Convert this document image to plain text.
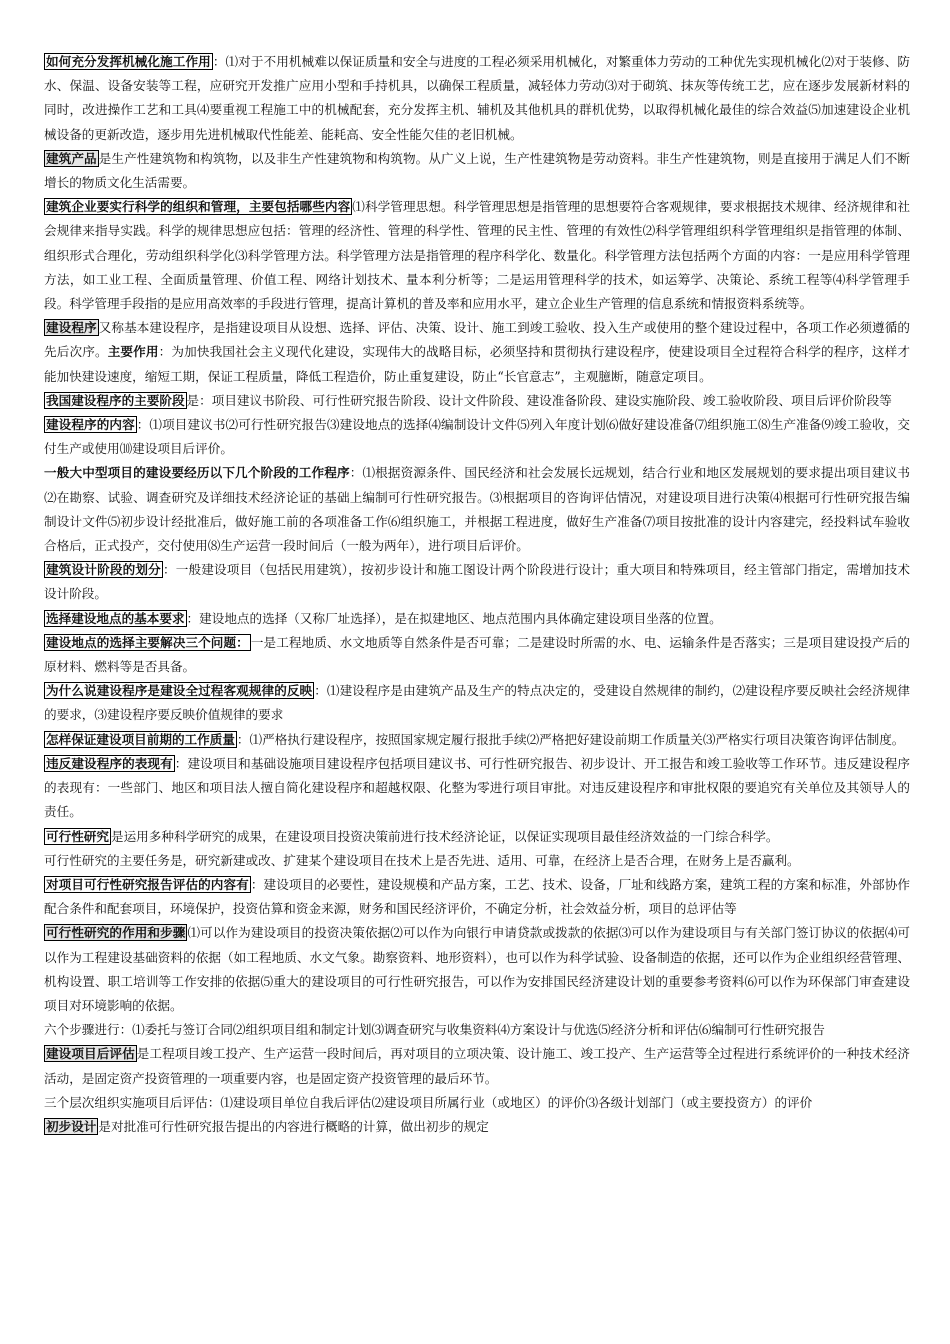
如何充分发挥机械化施工作用 ：⑴对于不用机械难以保证质量和安全与进度的工程必须采用机械化，对繁重体力劳动的工种优先实现机械化⑵对于装修、防水、保温、设备安装等工程，应研究开发推广应用小型和手持机具，以确保工程质量，减轻体力劳动⑶对于砌筑、抹灰等传统工艺，应在逐步发展新材料的同时，改进操作工艺和工具⑷要重视工程施工中的机械配套，充分发挥主机、辅机及其他机具的群机优势，以取得机械化最佳的综合效益⑸加速建设企业机械设备的更新改造，逐步用先进机械取代性能差、能耗高、安全性能欠佳的老旧机械。

建筑产品 是生产性建筑物和构筑物，以及非生产性建筑物和构筑物。从广义上说，生产性建筑物是劳动资料。非生产性建筑物，则是直接用于满足人们不断增长的物质文化生活需要。

建筑企业要实行科学的组织和管理，主要包括哪些内容 ⑴科学管理思想。科学管理思想是指管理的思想要符合客观规律，要求根据技术规律、经济规律和社会规律来指导实践。科学的规律思想应包括：管理的经济性、管理的科学性、管理的民主性、管理的有效性⑵科学管理组织科学管理组织是指管理的体制、组织形式合理化，劳动组织科学化⑶科学管理方法。科学管理方法是指管理的程序科学化、数量化。科学管理方法包括两个方面的内容：一是应用科学管理方法，如工业工程、全面质量管理、价值工程、网络计划技术、量本利分析等；二是运用管理科学的技术，如运筹学、决策论、系统工程等⑷科学管理手段。科学管理手段指的是应用高效率的手段进行管理，提高计算机的普及率和应用水平，建立企业生产管理的信息系统和情报资料系统等。

建设程序 又称基本建设程序，是指建设项目从设想、选择、评估、决策、设计、施工到竣工验收、投入生产或使用的整个建设过程中，各项工作必须遵循的先后次序。主要作用：为加快我国社会主义现代化建设，实现伟大的战略目标，必须坚持和贯彻执行建设程序，使建设项目全过程符合科学的程序，这样才能加快建设速度，缩短工期，保证工程质量，降低工程造价，防止重复建设，防止“长官意志”，主观臆断，随意定项目。

我国建设程序的主要阶段 是：项目建议书阶段、可行性研究报告阶段、设计文件阶段、建设准备阶段、建设实施阶段、竣工验收阶段、项目后评价阶段等

建设程序的内容 ：⑴项目建议书⑵可行性研究报告⑶建设地点的选择⑷编制设计文件⑸列入年度计划⑹做好建设准备⑺组织施工⑻生产准备⑼竣工验收，交付生产或使用⑽建设项目后评价。

一般大中型项目的建设要经历以下几个阶段的工作程序：⑴根据资源条件、国民经济和社会发展长远规划，结合行业和地区发展规划的要求提出项目建议书⑵在勘察、试验、调查研究及详细技术经济论证的基础上编制可行性研究报告。⑶根据项目的咨询评估情况，对建设项目进行决策⑷根据可行性研究报告编制设计文件⑸初步设计经批准后，做好施工前的各项准备工作⑹组织施工，并根据工程进度，做好生产准备⑺项目按批准的设计内容建完，经投料试车验收合格后，正式投产，交付使用⑻生产运营一段时间后（一般为两年），进行项目后评价。

建筑设计阶段的划分 ：一般建设项目（包括民用建筑），按初步设计和施工图设计两个阶段进行设计；重大项目和特殊项目，经主管部门指定，需增加技术设计阶段。

选择建设地点的基本要求 ：建设地点的选择（又称厂址选择），是在拟建地区、地点范围内具体确定建设项目坐落的位置。

建设地点的选择主要解决三个问题： 一是工程地质、水文地质等自然条件是否可靠；二是建设时所需的水、电、运输条件是否落实；三是项目建设投产后的原材料、燃料等是否具备。

为什么说建设程序是建设全过程客观规律的反映 ：⑴建设程序是由建筑产品及生产的特点决定的，受建设自然规律的制约，⑵建设程序要反映社会经济规律的要求，⑶建设程序要反映价值规律的要求

怎样保证建设项目前期的工作质量 ：⑴严格执行建设程序，按照国家规定履行报批手续⑵严格把好建设前期工作质量关⑶严格实行项目决策咨询评估制度。

违反建设程序的表现有 ：建设项目和基础设施项目建设程序包括项目建议书、可行性研究报告、初步设计、开工报告和竣工验收等工作环节。违反建设程序的表现有：一些部门、地区和项目法人擅自简化建设程序和超越权限、化整为零进行项目审批。对违反建设程序和审批权限的要追究有关单位及其领导人的责任。

可行性研究 是运用多种科学研究的成果，在建设项目投资决策前进行技术经济论证，以保证实现项目最佳经济效益的一门综合科学。

可行性研究的主要任务是，研究新建或改、扩建某个建设项目在技术上是否先进、适用、可靠，在经济上是否合理，在财务上是否赢利。

对项目可行性研究报告评估的内容有 ：建设项目的必要性，建设规模和产品方案，工艺、技术、设备，厂址和线路方案，建筑工程的方案和标准，外部协作配合条件和配套项目，环境保护，投资估算和资金来源，财务和国民经济评价，不确定分析，社会效益分析，项目的总评估等

可行性研究的作用和步骤 ⑴可以作为建设项目的投资决策依据⑵可以作为向银行申请贷款或拨款的依据⑶可以作为建设项目与有关部门签订协议的依据⑷可以作为工程建设基础资料的依据（如工程地质、水文气象。勘察资料、地形资料），也可以作为科学试验、设备制造的依据，还可以作为企业组织经营管理、机构设置、职工培训等工作安排的依据⑸重大的建设项目的可行性研究报告，可以作为安排国民经济建设计划的重要参考资料⑹可以作为环保部门审查建设项目对环境影响的依据。

六个步骤进行：⑴委托与签订合同⑵组织项目组和制定计划⑶调查研究与收集资料⑷方案设计与优选⑸经济分析和评估⑹编制可行性研究报告

建设项目后评估 是工程项目竣工投产、生产运营一段时间后，再对项目的立项决策、设计施工、竣工投产、生产运营等全过程进行系统评价的一种技术经济活动，是固定资产投资管理的一项重要内容，也是固定资产投资管理的最后环节。

三个层次组织实施项目后评估：⑴建设项目单位自我后评估⑵建设项目所属行业（或地区）的评价⑶各级计划部门（或主要投资方）的评价

初步设计 是对批准可行性研究报告提出的内容进行概略的计算，做出初步的规定
